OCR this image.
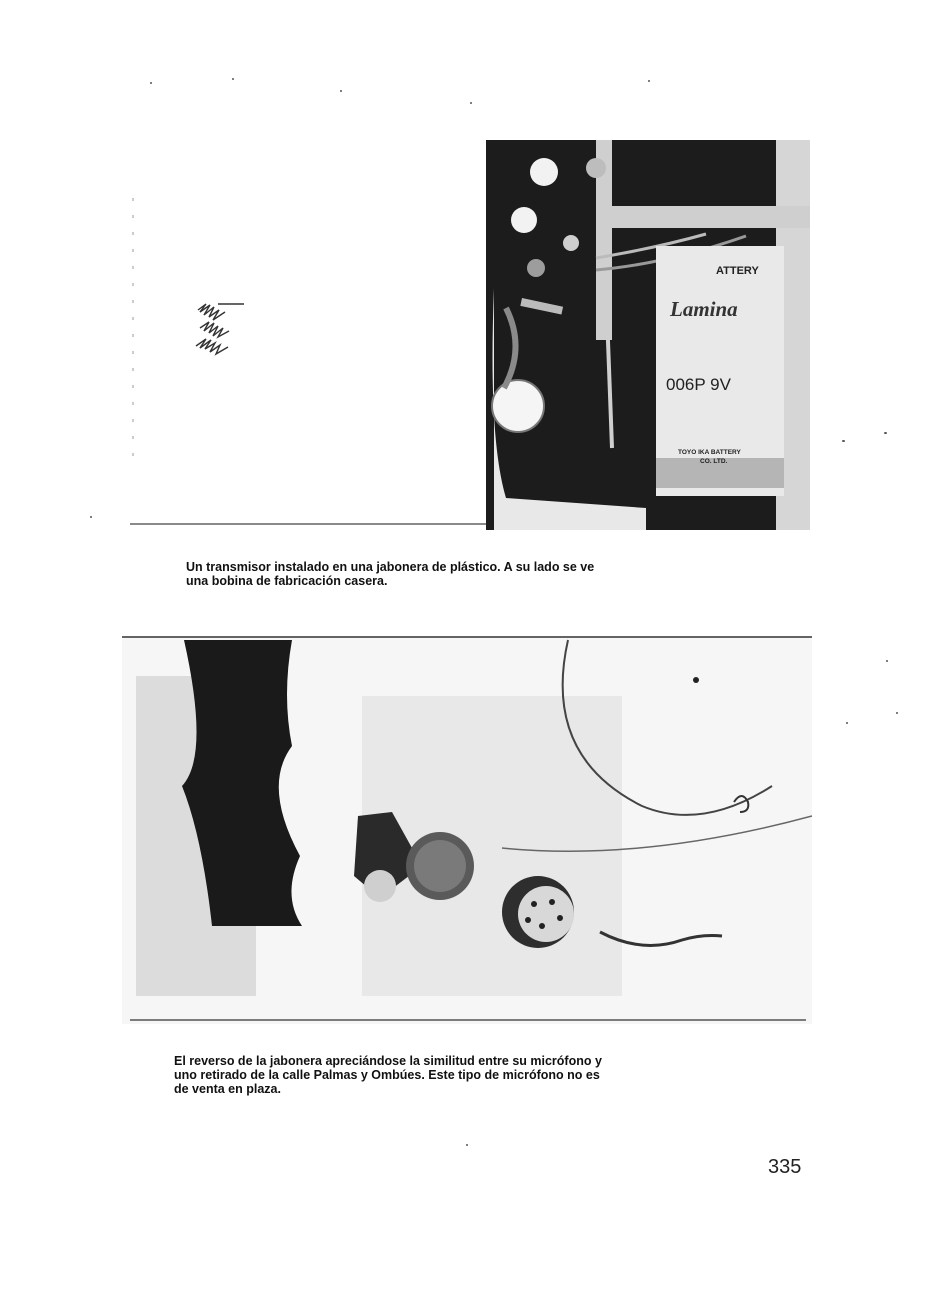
ATTERY
Lamina
006P 9V
TOYO IKA BATTERY
CO. LTD.
Un transmisor instalado en una jabonera de plástico. A su lado se ve
una bobina de fabricación casera.
El reverso de la jabonera apreciándose la similitud entre su micrófono y
uno retirado de la calle Palmas y Ombúes. Este tipo de micrófono no es
de venta en plaza.
335
